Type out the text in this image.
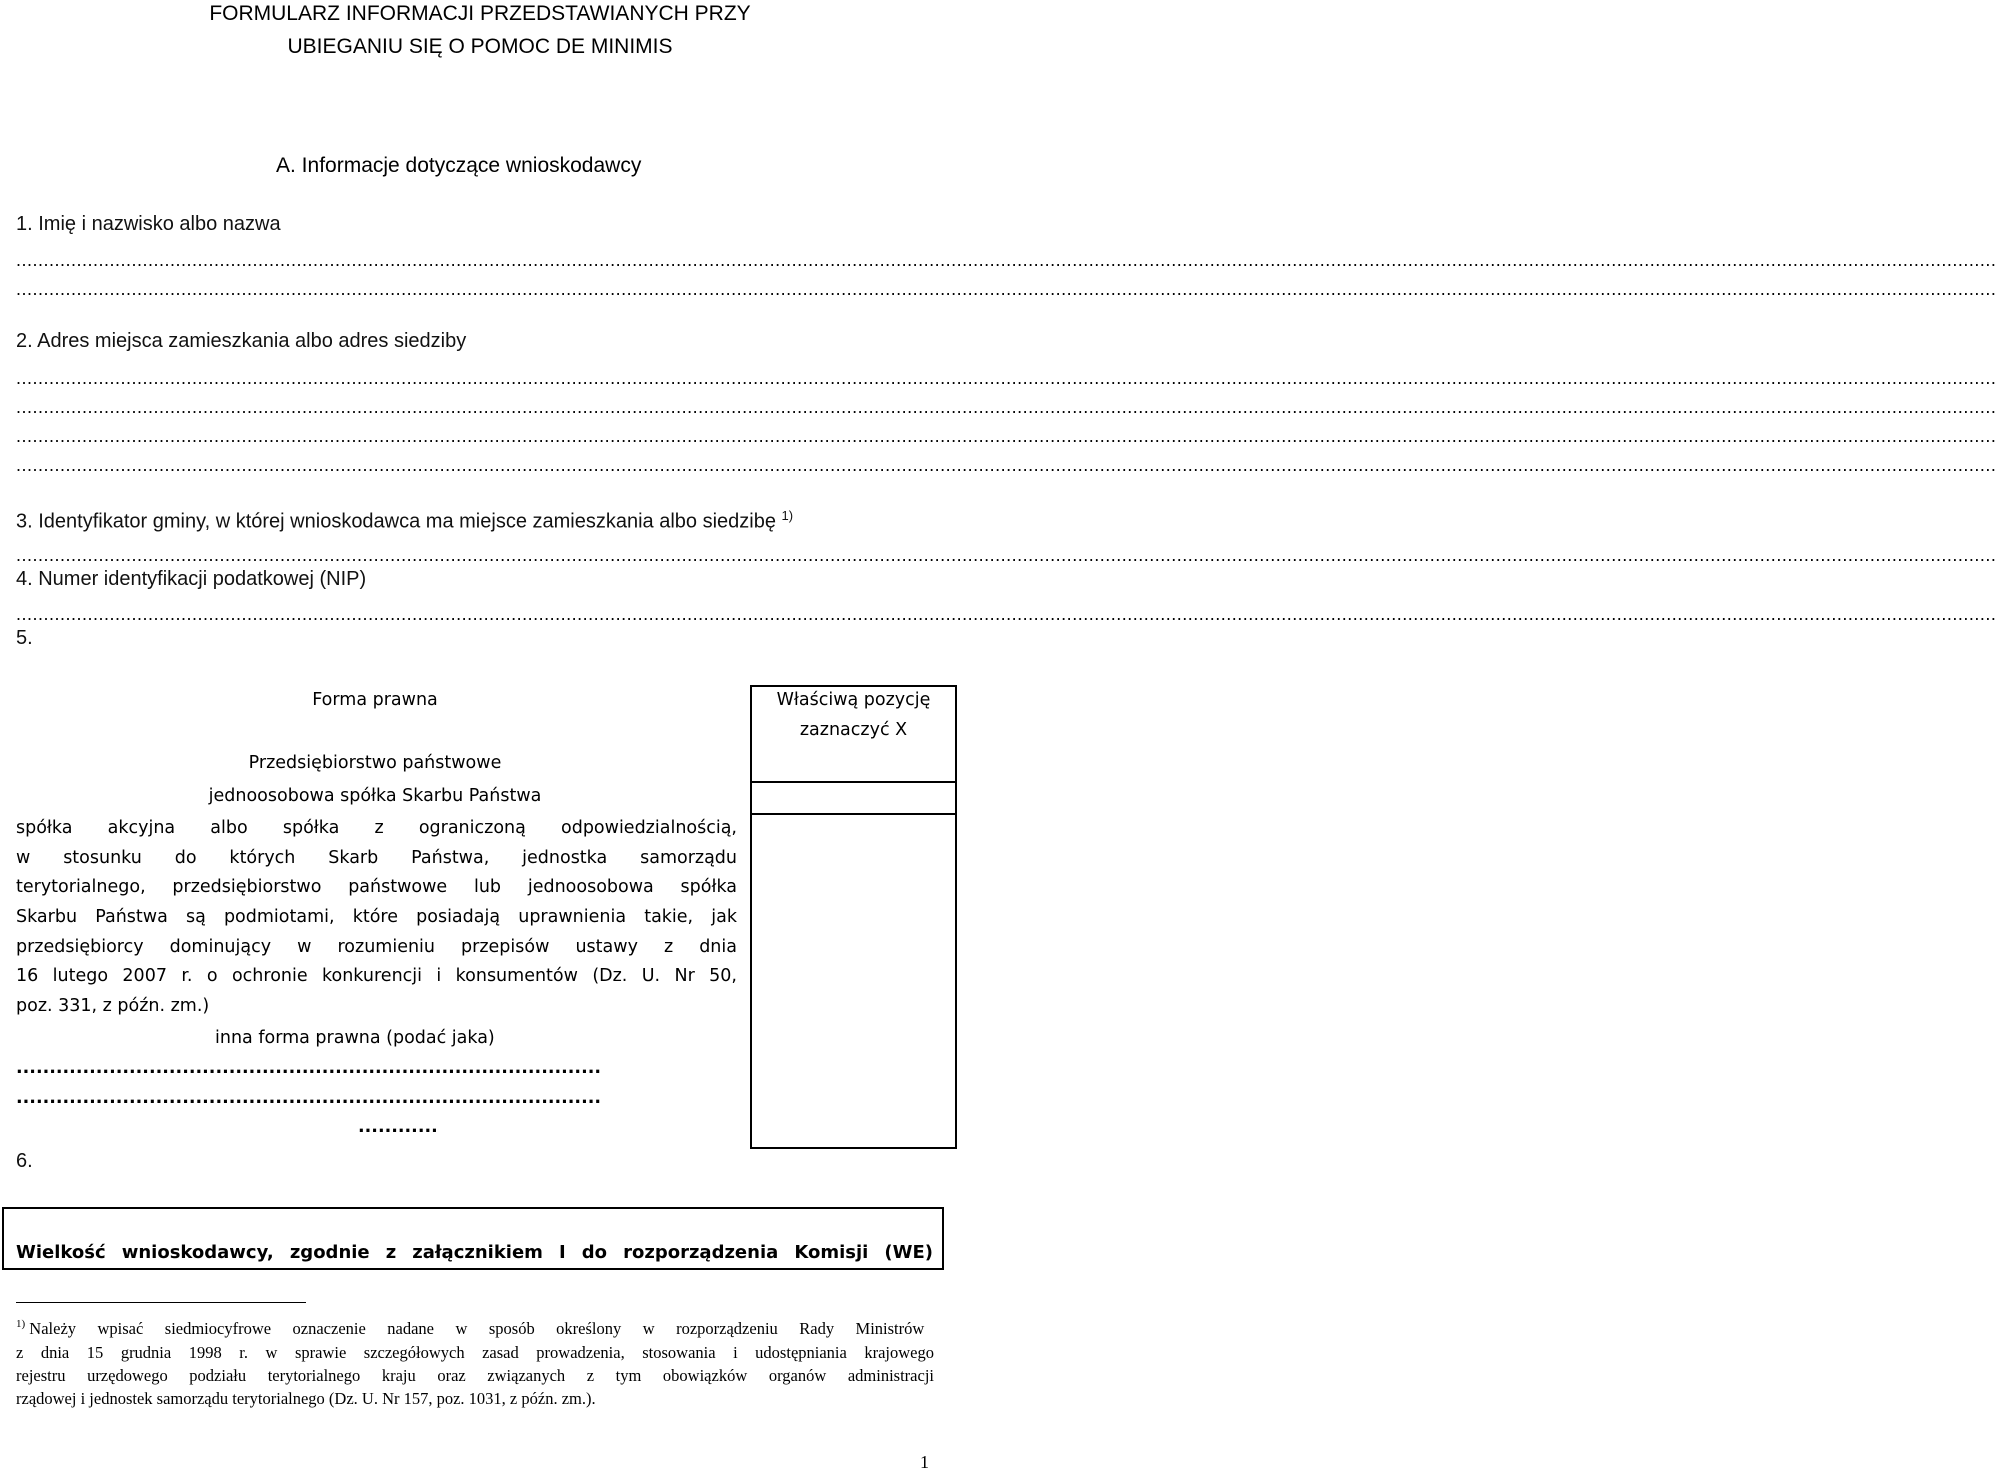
FORMULARZ INFORMACJI PRZEDSTAWIANYCH PRZY
UBIEGANIU SIĘ O POMOC DE MINIMIS
A. Informacje dotyczące wnioskodawcy
1. Imię i nazwisko albo nazwa
........................................................................................................................................................................................................................................................................................................................................................................
........................................................................................................................................................................................................................................................................................................................................................................
2. Adres miejsca zamieszkania albo adres siedziby
........................................................................................................................................................................................................................................................................................................................................................................
........................................................................................................................................................................................................................................................................................................................................................................
........................................................................................................................................................................................................................................................................................................................................................................
........................................................................................................................................................................................................................................................................................................................................................................
3. Identyfikator gminy, w której wnioskodawca ma miejsce zamieszkania albo siedzibę $^{1)}$
........................................................................................................................................................................................................................................................................................................................................................................
4. Numer identyfikacji podatkowej (NIP)
........................................................................................................................................................................................................................................................................................................................................................................
5.
Forma prawna	Właściwą pozycję
zaznaczyć X
Przedsiębiorstwo państwowe
jednoosobowa spółka Skarbu Państwa
spółka akcyjna albo spółka z ograniczoną odpowiedzialnością,
w stosunku do których Skarb Państwa, jednostka samorządu
terytorialnego, przedsiębiorstwo państwowe lub jednoosobowa spółka
Skarbu Państwa są podmiotami, które posiadają uprawnienia takie, jak
przedsiębiorcy dominujący w rozumieniu przepisów ustawy z dnia
16 lutego 2007 r. o ochronie konkurencji i konsumentów (Dz. U. Nr 50,
poz. 331, z późn. zm.)
inna forma prawna (podać jaka)
........................................................................................
........................................................................................
............
6.
Wielkość wnioskodawcy, zgodnie z załącznikiem I do rozporządzenia Komisji (WE)
$^{1)}$ Należy wpisać siedmiocyfrowe oznaczenie nadane w sposób określony w rozporządzeniu Rady Ministrów
z dnia 15 grudnia 1998 r. w sprawie szczegółowych zasad prowadzenia, stosowania i udostępniania krajowego
rejestru urzędowego podziału terytorialnego kraju oraz związanych z tym obowiązków organów administracji
rządowej i jednostek samorządu terytorialnego (Dz. U. Nr 157, poz. 1031, z późn. zm.).
1
